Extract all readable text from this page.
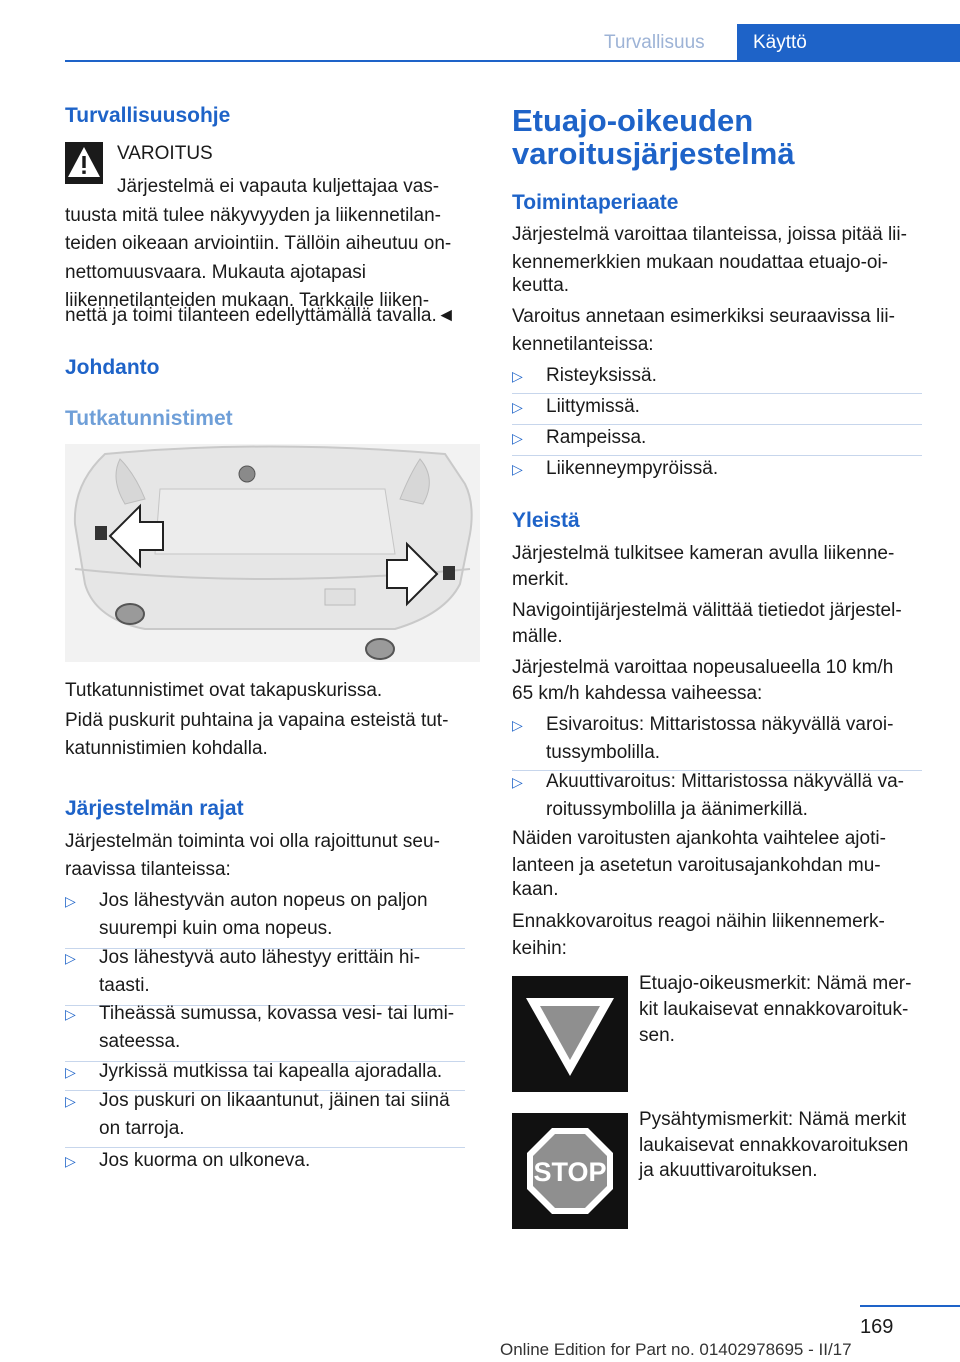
Turvallisuus	Käyttö
Turvallisuusohje
VAROITUS
Järjestelmä ei vapauta kuljettajaa vas-
tuusta mitä tulee näkyvyyden ja liikennetilan-
teiden oikeaan arviointiin. Tällöin aiheutuu on-
nettomuusvaara. Mukauta ajotapasi
liikennetilanteiden mukaan. Tarkkaile liiken-
nettä ja toimi tilanteen edellyttämällä tavalla.◄
Johdanto
Tutkatunnistimet
Tutkatunnistimet ovat takapuskurissa.
Pidä puskurit puhtaina ja vapaina esteistä tut-
katunnistimien kohdalla.
Järjestelmän rajat
Järjestelmän toiminta voi olla rajoittunut seu-
raavissa tilanteissa:
▷ Jos lähestyvän auton nopeus on paljon
suurempi kuin oma nopeus.
▷ Jos lähestyvä auto lähestyy erittäin hi-
taasti.
▷ Tiheässä sumussa, kovassa vesi- tai lumi-
sateessa.
▷ Jyrkissä mutkissa tai kapealla ajoradalla.
▷ Jos puskuri on likaantunut, jäinen tai siinä
on tarroja.
▷ Jos kuorma on ulkoneva.
Etuajo-oikeuden
varoitusjärjestelmä
Toimintaperiaate
Järjestelmä varoittaa tilanteissa, joissa pitää lii-
kennemerkkien mukaan noudattaa etuajo-oi-
keutta.
Varoitus annetaan esimerkiksi seuraavissa lii-
kennetilanteissa:
▷ Risteyksissä.
▷ Liittymissä.
▷ Rampeissa.
▷ Liikenneympyröissä.
Yleistä
Järjestelmä tulkitsee kameran avulla liikenne-
merkit.
Navigointijärjestelmä välittää tietiedot järjestel-
mälle.
Järjestelmä varoittaa nopeusalueella 10 km/h
65 km/h kahdessa vaiheessa:
▷ Esivaroitus: Mittaristossa näkyvällä varoi-
tussymbolilla.
▷ Akuuttivaroitus: Mittaristossa näkyvällä va-
roitussymbolilla ja äänimerkillä.
Näiden varoitusten ajankohta vaihtelee ajoti-
lanteen ja asetetun varoitusajankohdan mu-
kaan.
Ennakkovaroitus reagoi näihin liikennemerk-
keihin:
Etuajo-oikeusmerkit: Nämä mer-
kit laukaisevat ennakkovaroituk-
sen.
STOP
Pysähtymismerkit: Nämä merkit
laukaisevat ennakkovaroituksen
ja akuuttivaroituksen.
169
Online Edition for Part no. 01402978695 - II/17
